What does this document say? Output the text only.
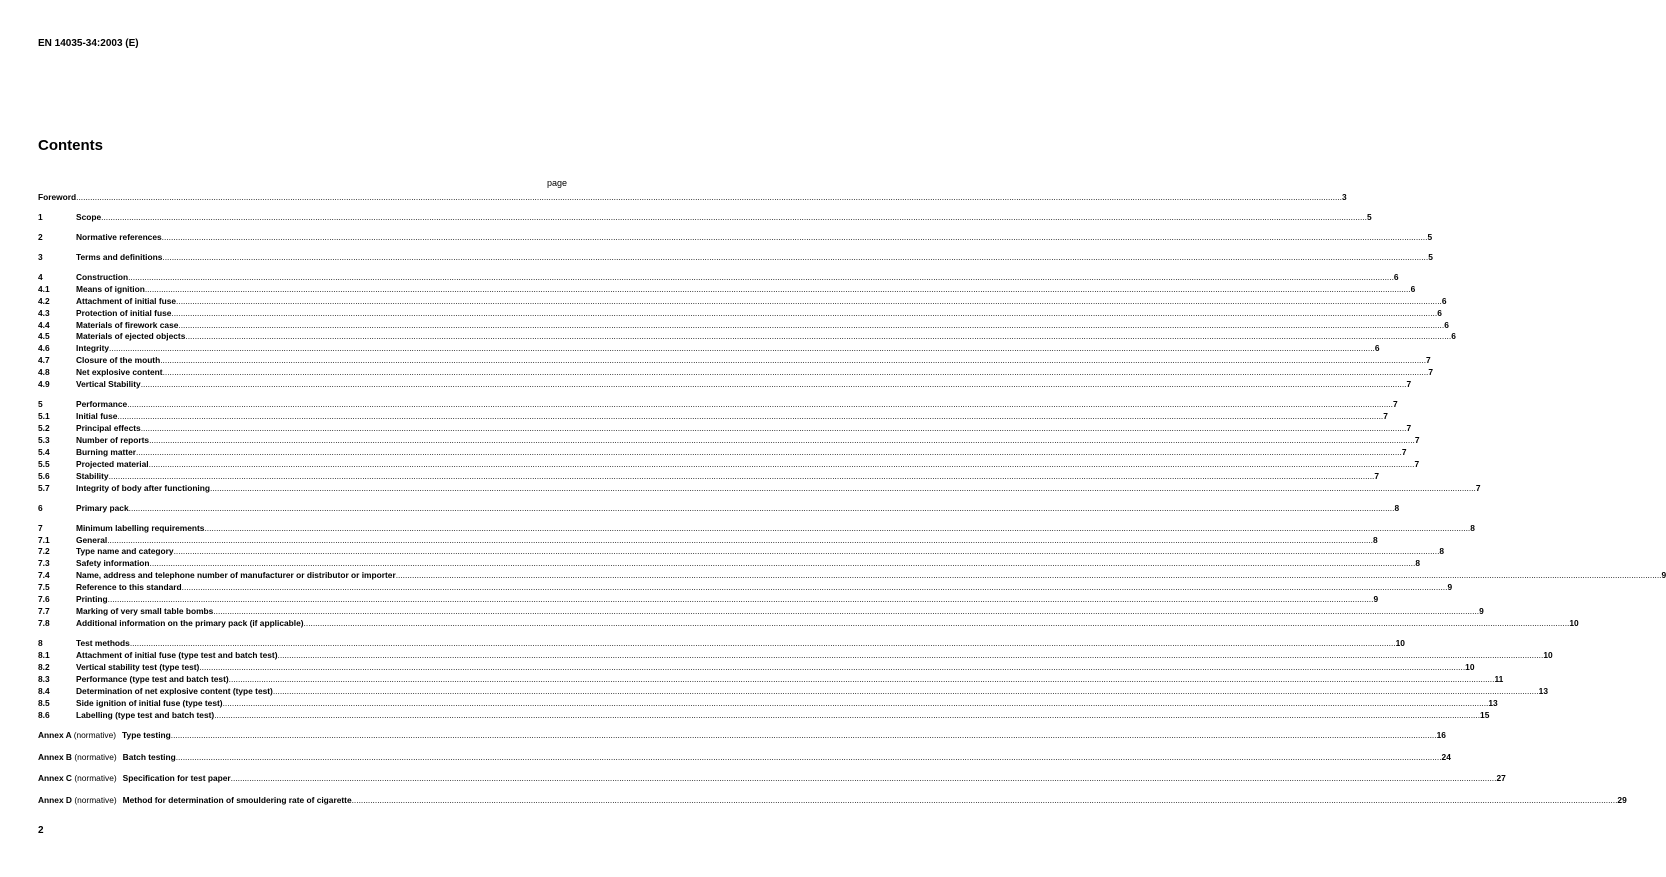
EN 14035-34:2003 (E)
Contents
page
Foreword .....	3
1	Scope .....	5
2	Normative references .....	5
3	Terms and definitions .....	5
4	Construction .....	6
4.1	Means of ignition .....	6
4.2	Attachment of initial fuse .....	6
4.3	Protection of initial fuse .....	6
4.4	Materials of firework case .....	6
4.5	Materials of ejected objects .....	6
4.6	Integrity .....	6
4.7	Closure of the mouth .....	7
4.8	Net explosive content .....	7
4.9	Vertical Stability .....	7
5	Performance .....	7
5.1	Initial fuse .....	7
5.2	Principal effects .....	7
5.3	Number of reports .....	7
5.4	Burning matter .....	7
5.5	Projected material .....	7
5.6	Stability .....	7
5.7	Integrity of body after functioning .....	7
6	Primary pack .....	8
7	Minimum labelling requirements .....	8
7.1	General .....	8
7.2	Type name and category .....	8
7.3	Safety information .....	8
7.4	Name, address and telephone number of manufacturer or distributor or importer .....	9
7.5	Reference to this standard .....	9
7.6	Printing .....	9
7.7	Marking of very small table bombs .....	9
7.8	Additional information on the primary pack (if applicable) .....	10
8	Test methods .....	10
8.1	Attachment of initial fuse (type test and batch test) .....	10
8.2	Vertical stability test (type test) .....	10
8.3	Performance (type test and batch test) .....	11
8.4	Determination of net explosive content (type test) .....	13
8.5	Side ignition of initial fuse (type test) .....	13
8.6	Labelling (type test and batch test) .....	15
Annex A (normative) Type testing .....	16
Annex B (normative) Batch testing .....	24
Annex C (normative) Specification for test paper .....	27
Annex D (normative) Method for determination of smouldering rate of cigarette .....	29
2
